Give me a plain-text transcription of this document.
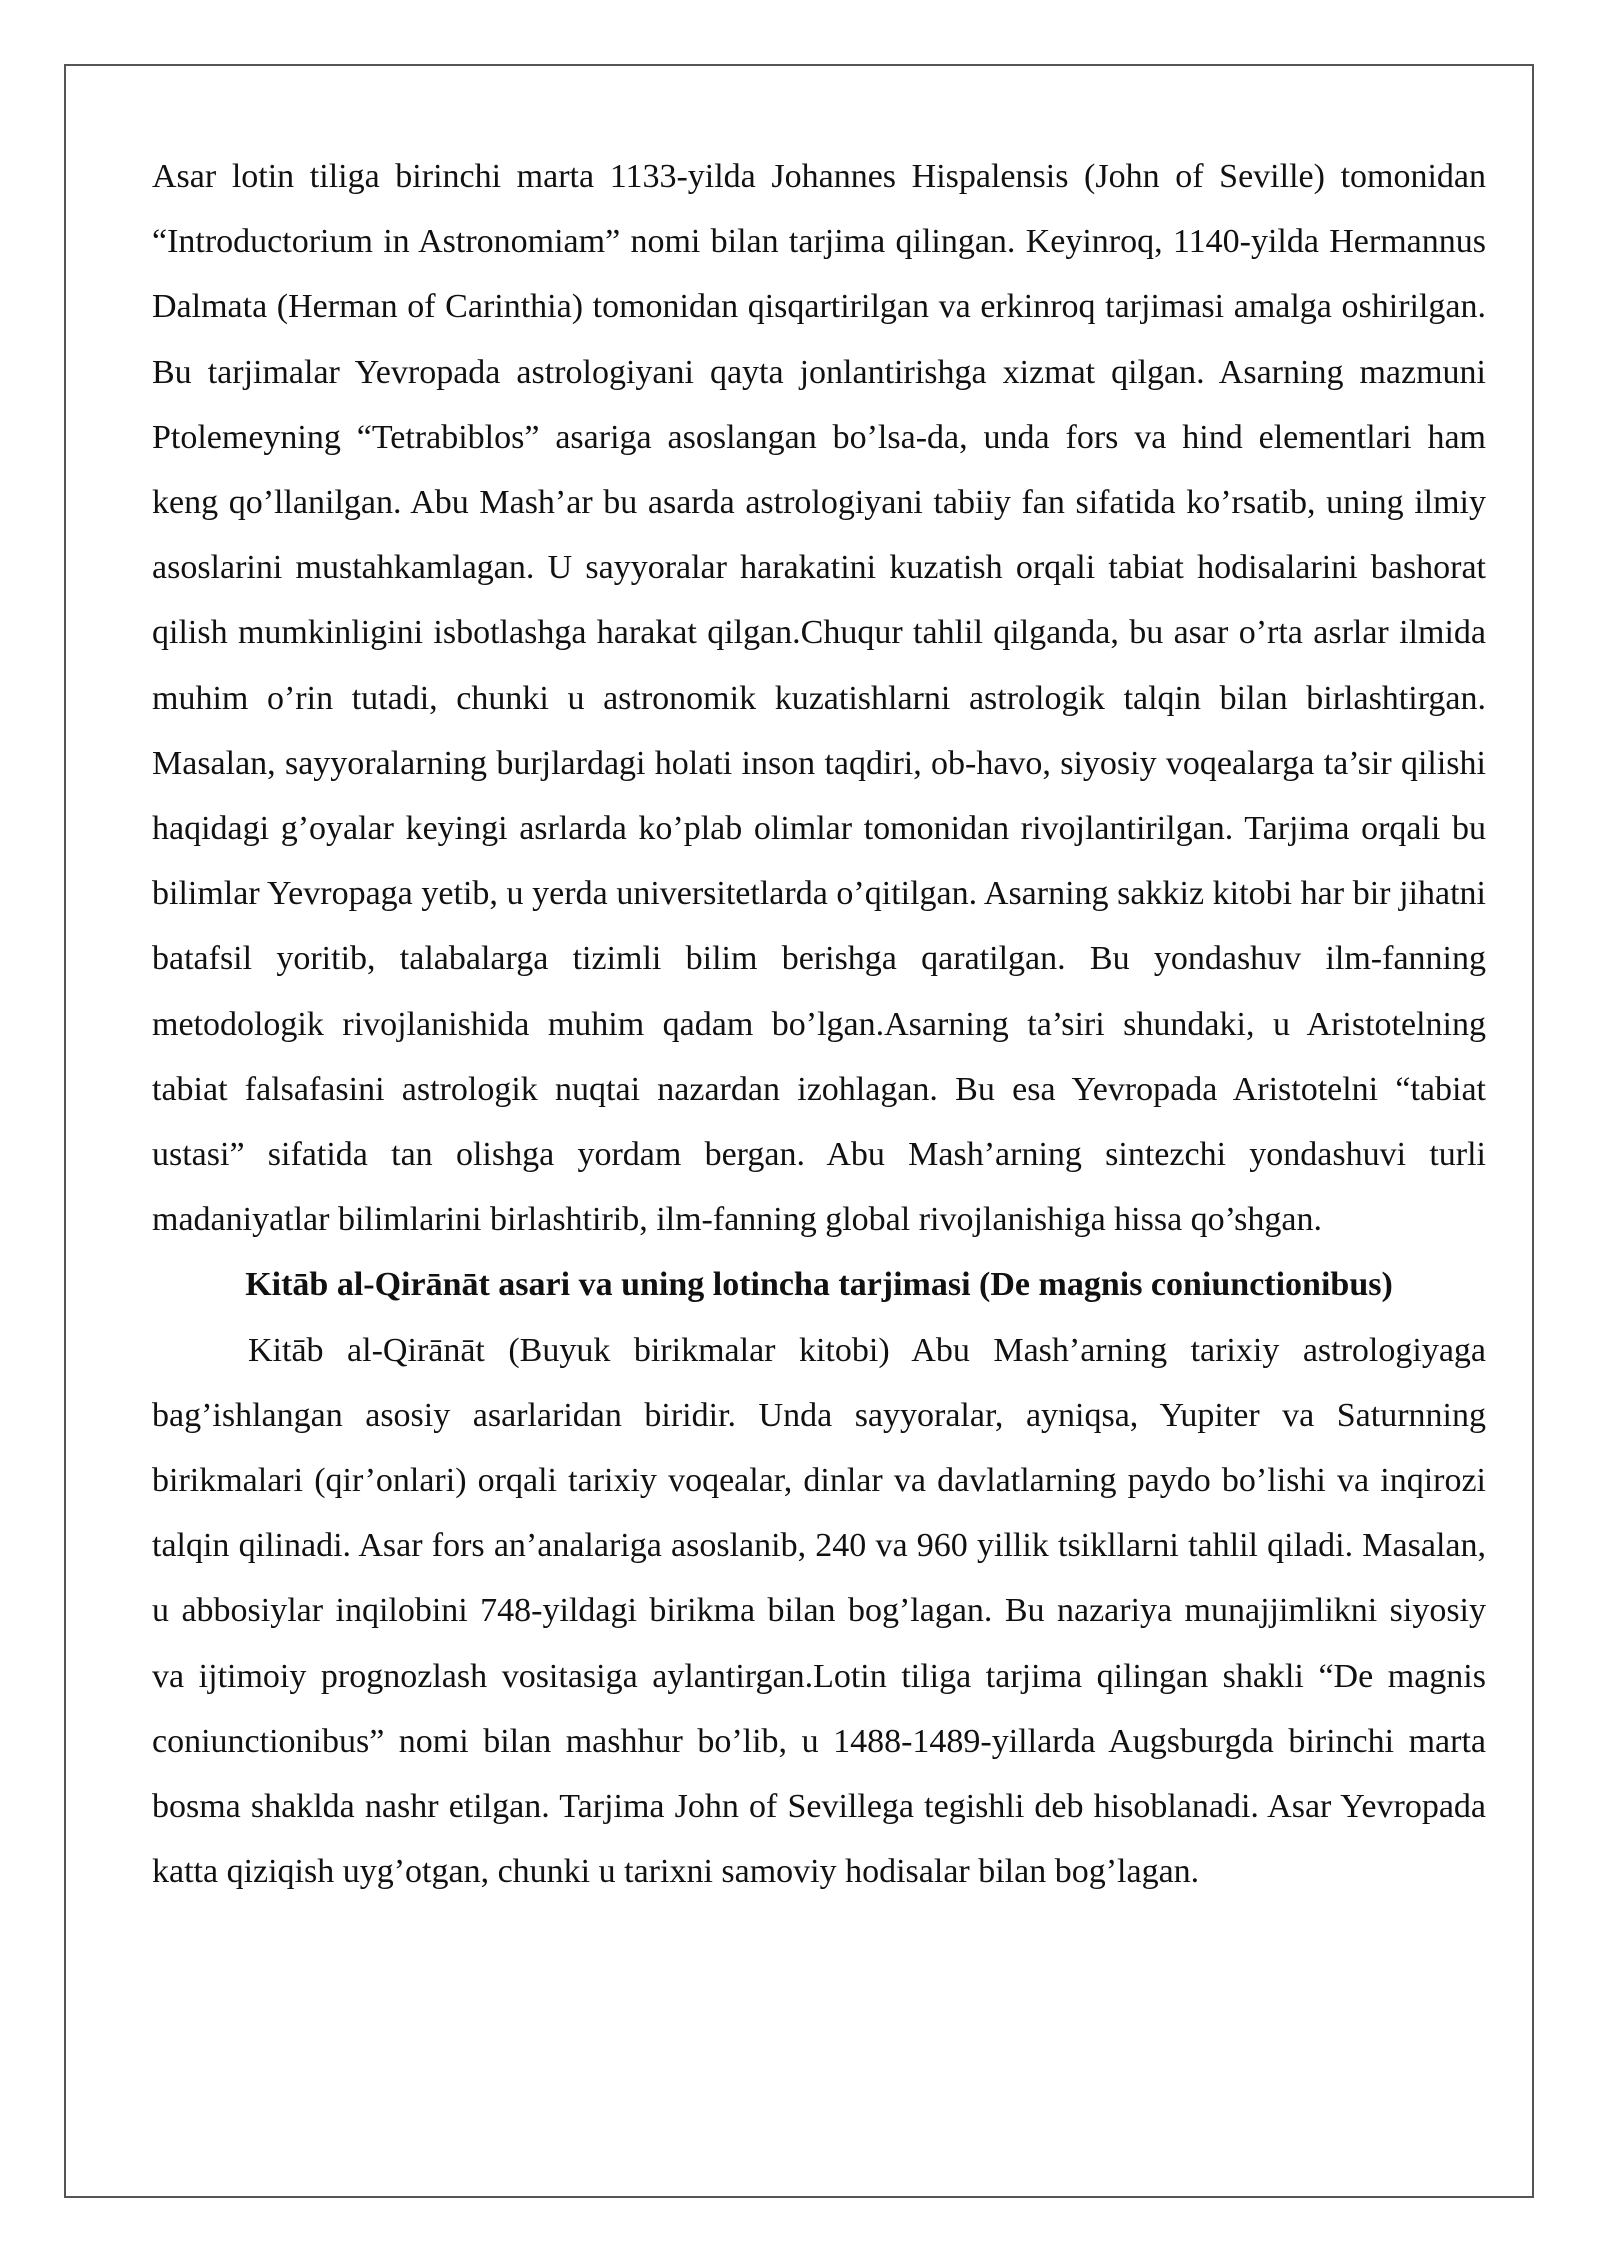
Asar lotin tiliga birinchi marta 1133-yilda Johannes Hispalensis (John of Seville) tomonidan “Introductorium in Astronomiam” nomi bilan tarjima qilingan. Keyinroq, 1140-yilda Hermannus Dalmata (Herman of Carinthia) tomonidan qisqartirilgan va erkinroq tarjimasi amalga oshirilgan. Bu tarjimalar Yevropada astrologiyani qayta jonlantirishga xizmat qilgan. Asarning mazmuni Ptolemeyning “Tetrabiblos” asariga asoslangan bo’lsa-da, unda fors va hind elementlari ham keng qo’llanilgan. Abu Mash’ar bu asarda astrologiyani tabiiy fan sifatida ko’rsatib, uning ilmiy asoslarini mustahkamlagan. U sayyoralar harakatini kuzatish orqali tabiat hodisalarini bashorat qilish mumkinligini isbotlashga harakat qilgan.Chuqur tahlil qilganda, bu asar o’rta asrlar ilmida muhim o’rin tutadi, chunki u astronomik kuzatishlarni astrologik talqin bilan birlashtirgan. Masalan, sayyoralarning burjlardagi holati inson taqdiri, ob-havo, siyosiy voqealarga ta’sir qilishi haqidagi g’oyalar keyingi asrlarda ko’plab olimlar tomonidan rivojlantirilgan. Tarjima orqali bu bilimlar Yevropaga yetib, u yerda universitetlarda o’qitilgan. Asarning sakkiz kitobi har bir jihatni batafsil yoritib, talabalarga tizimli bilim berishga qaratilgan. Bu yondashuv ilm-fanning metodologik rivojlanishida muhim qadam bo’lgan.Asarning ta’siri shundaki, u Aristotelning tabiat falsafasini astrologik nuqtai nazardan izohlagan. Bu esa Yevropada Aristotelni “tabiat ustasi” sifatida tan olishga yordam bergan. Abu Mash’arning sintezchi yondashuvi turli madaniyatlar bilimlarini birlashtirib, ilm-fanning global rivojlanishiga hissa qo’shgan.

Kitāb al-Qirānāt asari va uning lotincha tarjimasi (De magnis coniunctionibus)

Kitāb al-Qirānāt (Buyuk birikmalar kitobi) Abu Mash’arning tarixiy astrologiyaga bag’ishlangan asosiy asarlaridan biridir. Unda sayyoralar, ayniqsa, Yupiter va Saturnning birikmalari (qir’onlari) orqali tarixiy voqealar, dinlar va davlatlarning paydo bo’lishi va inqirozi talqin qilinadi. Asar fors an’analariga asoslanib, 240 va 960 yillik tsikllarni tahlil qiladi. Masalan, u abbosiylar inqilobini 748-yildagi birikma bilan bog’lagan. Bu nazariya munajjimlikni siyosiy va ijtimoiy prognozlash vositasiga aylantirgan.Lotin tiliga tarjima qilingan shakli “De magnis coniunctionibus” nomi bilan mashhur bo’lib, u 1488-1489-yillarda Augsburgda birinchi marta bosma shaklda nashr etilgan. Tarjima John of Sevillega tegishli deb hisoblanadi. Asar Yevropada katta qiziqish uyg’otgan, chunki u tarixni samoviy hodisalar bilan bog’lagan.
